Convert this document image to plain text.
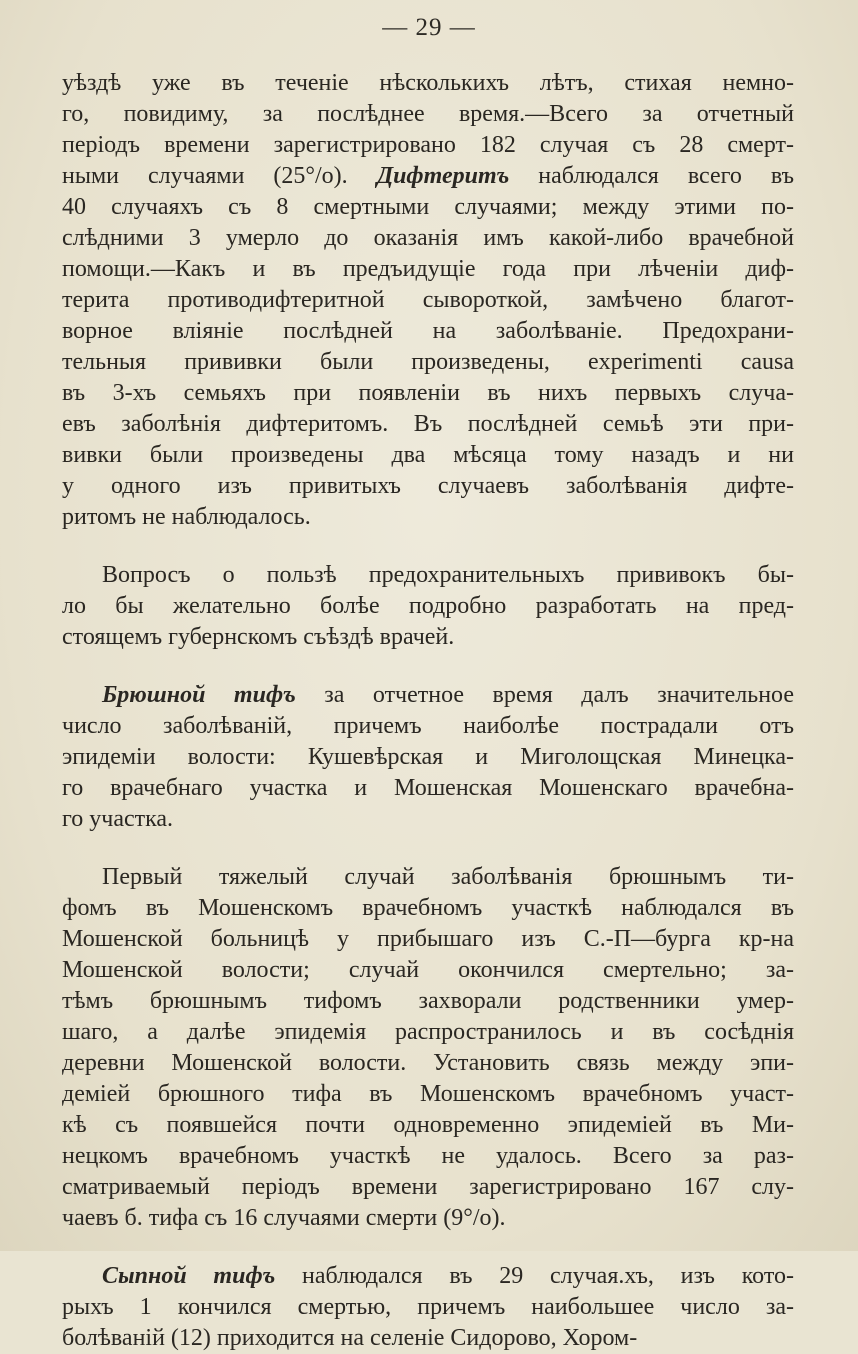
— 29 —
уѣздѣ уже въ теченіе нѣсколькихъ лѣтъ, стихая немно-
го, повидиму, за послѣднее время.—Всего за отчетный
періодъ времени зарегистрировано 182 случая съ 28 смерт-
ными случаями (25°/о). Дифтеритъ наблюдался всего въ
40 случаяхъ съ 8 смертными случаями; между этими по-
слѣдними 3 умерло до оказанія имъ какой-либо врачебной
помощи.—Какъ и въ предъидущіе года при лѣченіи диф-
терита противодифтеритной сывороткой, замѣчено благот-
ворное вліяніе послѣдней на заболѣваніе. Предохрани-
тельныя прививки были произведены, experimenti causa
въ 3-хъ семьяхъ при появленіи въ нихъ первыхъ случа-
евъ заболѣнія дифтеритомъ. Въ послѣдней семьѣ эти при-
вивки были произведены два мѣсяца тому назадъ и ни
у одного изъ привитыхъ случаевъ заболѣванія дифте-
ритомъ не наблюдалось.
Вопросъ о пользѣ предохранительныхъ прививокъ бы-
ло бы желательно болѣе подробно разработать на пред-
стоящемъ губернскомъ съѣздѣ врачей.
Брюшной тифъ за отчетное время далъ значительное
число заболѣваній, причемъ наиболѣе пострадали отъ
эпидеміи волости: Кушевѣрская и Миголощская Минецка-
го врачебнаго участка и Мошенская Мошенскаго врачебна-
го участка.
Первый тяжелый случай заболѣванія брюшнымъ ти-
фомъ въ Мошенскомъ врачебномъ участкѣ наблюдался въ
Мошенской больницѣ у прибышаго изъ С.-П—бурга кр-на
Мошенской волости; случай окончился смертельно; за-
тѣмъ брюшнымъ тифомъ захворали родственники умер-
шаго, а далѣе эпидемія распространилось и въ сосѣднія
деревни Мошенской волости. Установить связь между эпи-
деміей брюшного тифа въ Мошенскомъ врачебномъ участ-
кѣ съ появшейся почти одновременно эпидеміей въ Ми-
нецкомъ врачебномъ участкѣ не удалось. Всего за раз-
сматриваемый періодъ времени зарегистрировано 167 слу-
чаевъ б. тифа съ 16 случаями смерти (9°/о).
Сыпной тифъ наблюдался въ 29 случая.хъ, изъ кото-
рыхъ 1 кончился смертью, причемъ наибольшее число за-
болѣваній (12) приходится на селеніе Сидорово, Хором-
